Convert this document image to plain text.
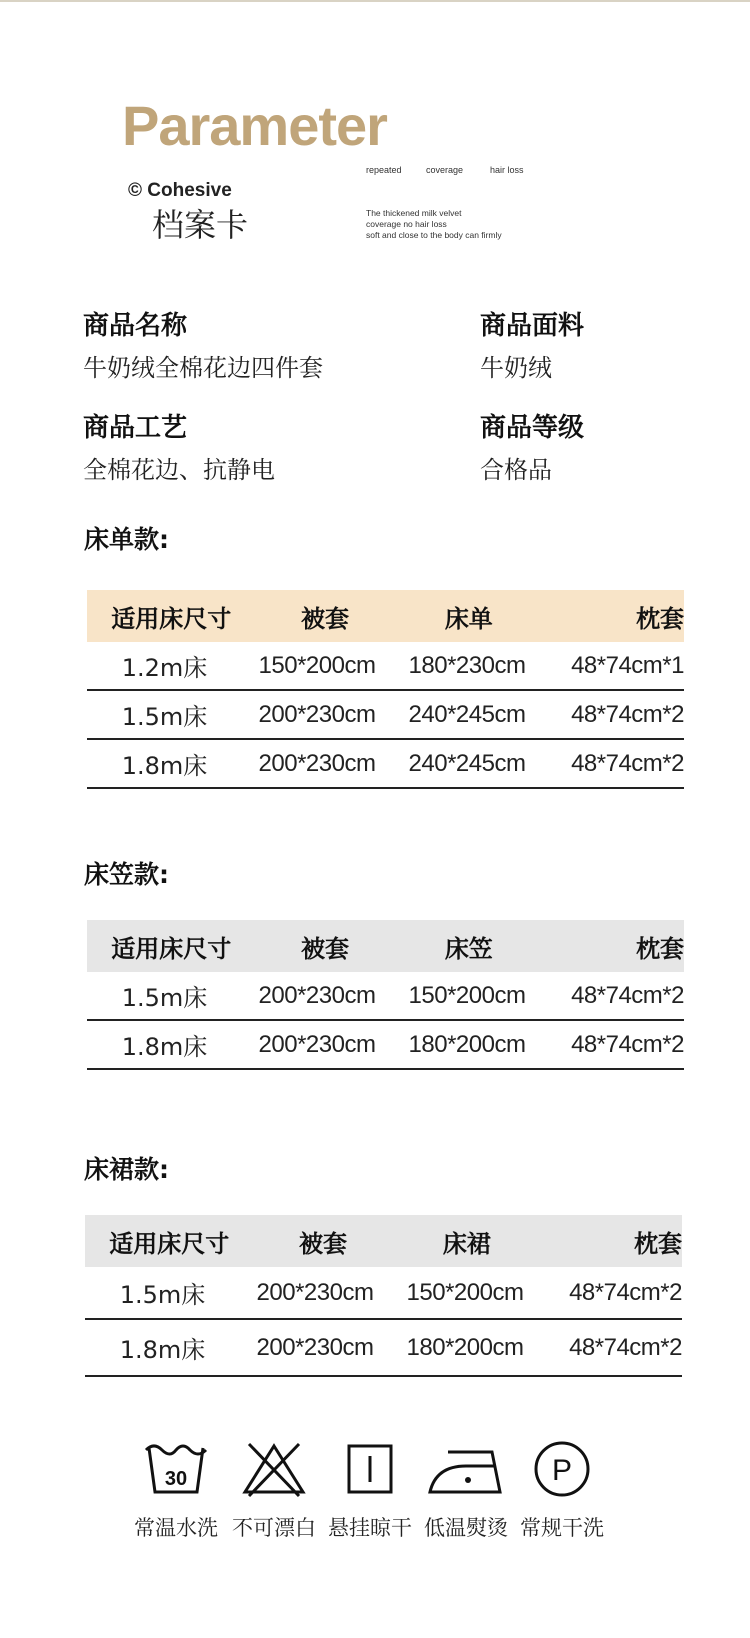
Parameter
© Cohesive
档案卡
repeated	coverage	hair loss
The thickened milk velvet
coverage no hair loss
soft and close to the body can firmly
商品名称
牛奶绒全棉花边四件套
商品面料
牛奶绒
商品工艺
全棉花边、抗静电
商品等级
合格品
床单款:
适用床尺寸	被套	床单	枕套
1.2m床	150*200cm	180*230cm	48*74cm*1
1.5m床	200*230cm	240*245cm	48*74cm*2
1.8m床	200*230cm	240*245cm	48*74cm*2
床笠款:
适用床尺寸	被套	床笠	枕套
1.5m床	200*230cm	150*200cm	48*74cm*2
1.8m床	200*230cm	180*200cm	48*74cm*2
床裙款:
适用床尺寸	被套	床裙	枕套
1.5m床	200*230cm	150*200cm	48*74cm*2
1.8m床	200*230cm	180*200cm	48*74cm*2
30
常温水洗 不可漂白 悬挂晾干 低温熨烫
P
常规干洗
